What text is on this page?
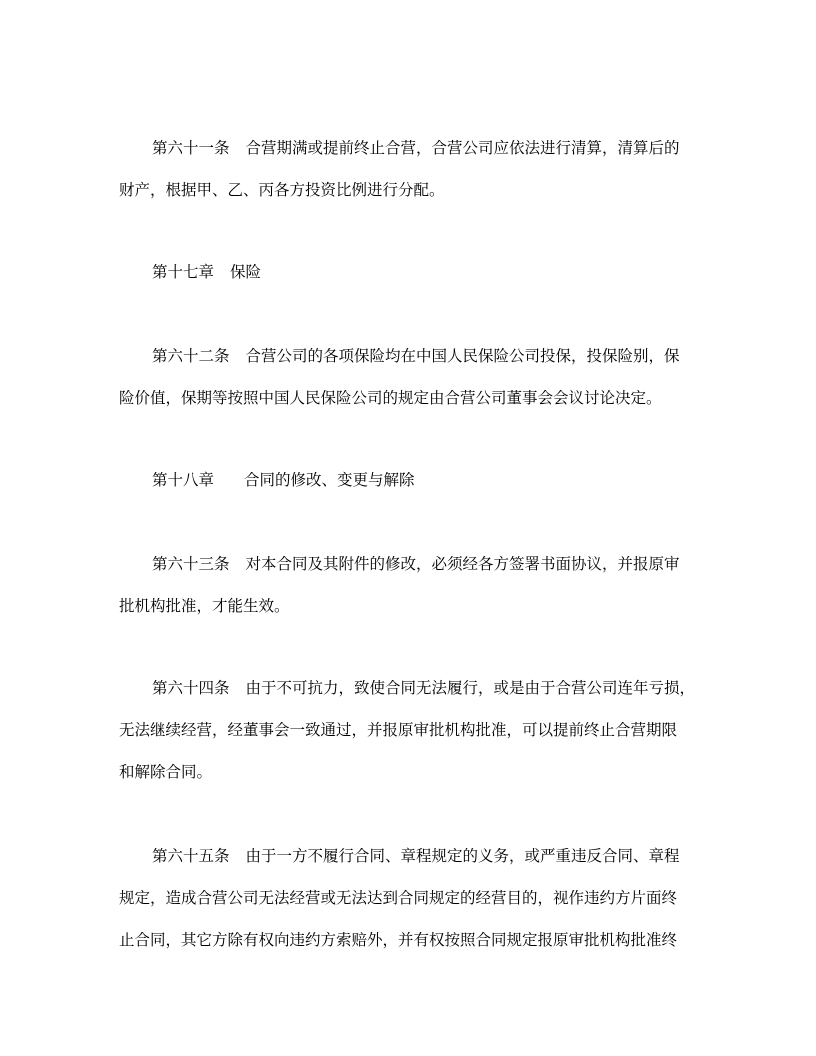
第六十一条 合营期满或提前终止合营，合营公司应依法进行清算，清算后的
财产，根据甲、乙、丙各方投资比例进行分配。
第十七章 保险
第六十二条 合营公司的各项保险均在中国人民保险公司投保，投保险别，保
险价值，保期等按照中国人民保险公司的规定由合营公司董事会会议讨论决定。
第十八章 合同的修改、变更与解除
第六十三条 对本合同及其附件的修改，必须经各方签署书面协议，并报原审
批机构批准，才能生效。
第六十四条 由于不可抗力，致使合同无法履行，或是由于合营公司连年亏损，
无法继续经营，经董事会一致通过，并报原审批机构批准，可以提前终止合营期限
和解除合同。
第六十五条 由于一方不履行合同、章程规定的义务，或严重违反合同、章程
规定，造成合营公司无法经营或无法达到合同规定的经营目的，视作违约方片面终
止合同，其它方除有权向违约方索赔外，并有权按照合同规定报原审批机构批准终
